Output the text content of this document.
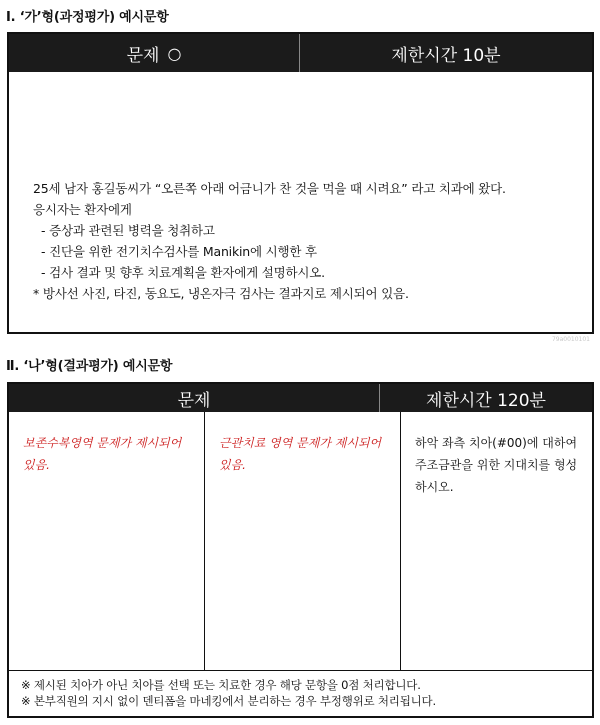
Ⅰ. ‘가’형(과정평가) 예시문항
문제 ○	제한시간 10분
25세 남자 홍길동씨가 “오른쪽 아래 어금니가 찬 것을 먹을 때 시려요” 라고 치과에 왔다.
응시자는 환자에게
- 증상과 관련된 병력을 청취하고
- 진단을 위한 전기치수검사를 Manikin에 시행한 후
- 검사 결과 및 향후 치료계획을 환자에게 설명하시오.
* 방사선 사진, 타진, 동요도, 냉온자극 검사는 결과지로 제시되어 있음.
79a0010101
Ⅱ. ‘나’형(결과평가) 예시문항
문제	제한시간 120분
보존수복영역 문제가 제시되어 있음.
근관치료 영역 문제가 제시되어 있음.
하악 좌측 치아(#00)에 대하여 주조금관을 위한 지대치를 형성하시오.
※ 제시된 치아가 아닌 치아를 선택 또는 치료한 경우 해당 문항을 0점 처리합니다.
※ 본부직원의 지시 없이 덴티폼을 마네킹에서 분리하는 경우 부정행위로 처리됩니다.
